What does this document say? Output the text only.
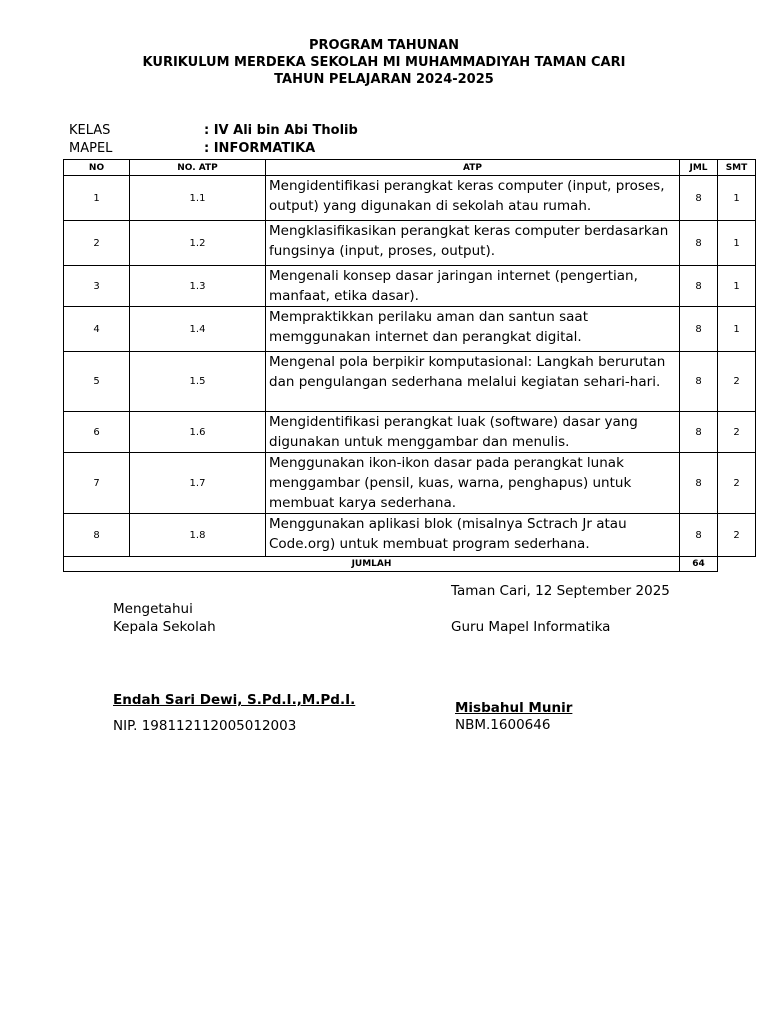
PROGRAM TAHUNAN
KURIKULUM MERDEKA SEKOLAH MI MUHAMMADIYAH TAMAN CARI
TAHUN PELAJARAN 2024-2025
KELAS	: IV Ali bin Abi Tholib
MAPEL	: INFORMATIKA
NO	NO. ATP	ATP	JML	SMT
1	1.1	Mengidentifikasi perangkat keras computer (input, proses, output) yang digunakan di sekolah atau rumah.	8	1
2	1.2	Mengklasifikasikan perangkat keras computer berdasarkan fungsinya (input, proses, output).	8	1
3	1.3	Mengenali konsep dasar jaringan internet (pengertian, manfaat, etika dasar).	8	1
4	1.4	Mempraktikkan perilaku aman dan santun saat memggunakan internet dan perangkat digital.	8	1
5	1.5	Mengenal pola berpikir komputasional: Langkah berurutan dan pengulangan sederhana melalui kegiatan sehari-hari.	8	2
6	1.6	Mengidentifikasi perangkat luak (software) dasar yang digunakan untuk menggambar dan menulis.	8	2
7	1.7	Menggunakan ikon-ikon dasar pada perangkat lunak menggambar (pensil, kuas, warna, penghapus) untuk membuat karya sederhana.	8	2
8	1.8	Menggunakan aplikasi blok (misalnya Sctrach Jr atau Code.org) untuk membuat program sederhana.	8	2
JUMLAH			64	
Taman Cari, 12 September 2025
Mengetahui
Kepala Sekolah	Guru Mapel Informatika
Endah Sari Dewi, S.Pd.I.,M.Pd.I.	Misbahul Munir
NIP. 198112112005012003	NBM.1600646
